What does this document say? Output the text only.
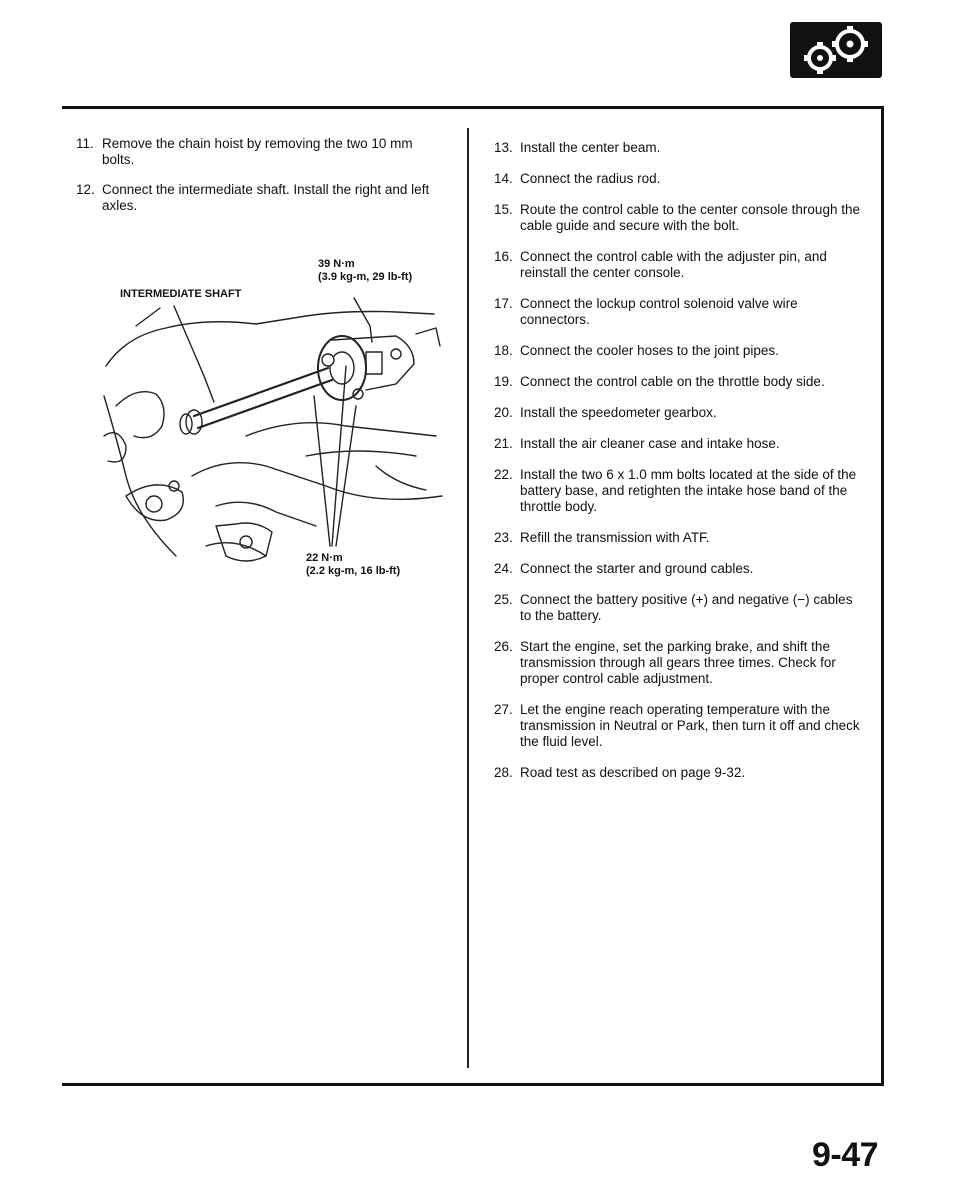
11. Remove the chain hoist by removing the two 10 mm bolts.
12. Connect the intermediate shaft. Install the right and left axles.
INTERMEDIATE SHAFT
39 N·m
(3.9 kg-m, 29 lb-ft)
22 N·m
(2.2 kg-m, 16 lb-ft)
13. Install the center beam.
14. Connect the radius rod.
15. Route the control cable to the center console through the cable guide and secure with the bolt.
16. Connect the control cable with the adjuster pin, and reinstall the center console.
17. Connect the lockup control solenoid valve wire connectors.
18. Connect the cooler hoses to the joint pipes.
19. Connect the control cable on the throttle body side.
20. Install the speedometer gearbox.
21. Install the air cleaner case and intake hose.
22. Install the two 6 x 1.0 mm bolts located at the side of the battery base, and retighten the intake hose band of the throttle body.
23. Refill the transmission with ATF.
24. Connect the starter and ground cables.
25. Connect the battery positive (+) and negative (−) cables to the battery.
26. Start the engine, set the parking brake, and shift the transmission through all gears three times. Check for proper control cable adjustment.
27. Let the engine reach operating temperature with the transmission in Neutral or Park, then turn it off and check the fluid level.
28. Road test as described on page 9-32.
9-47
